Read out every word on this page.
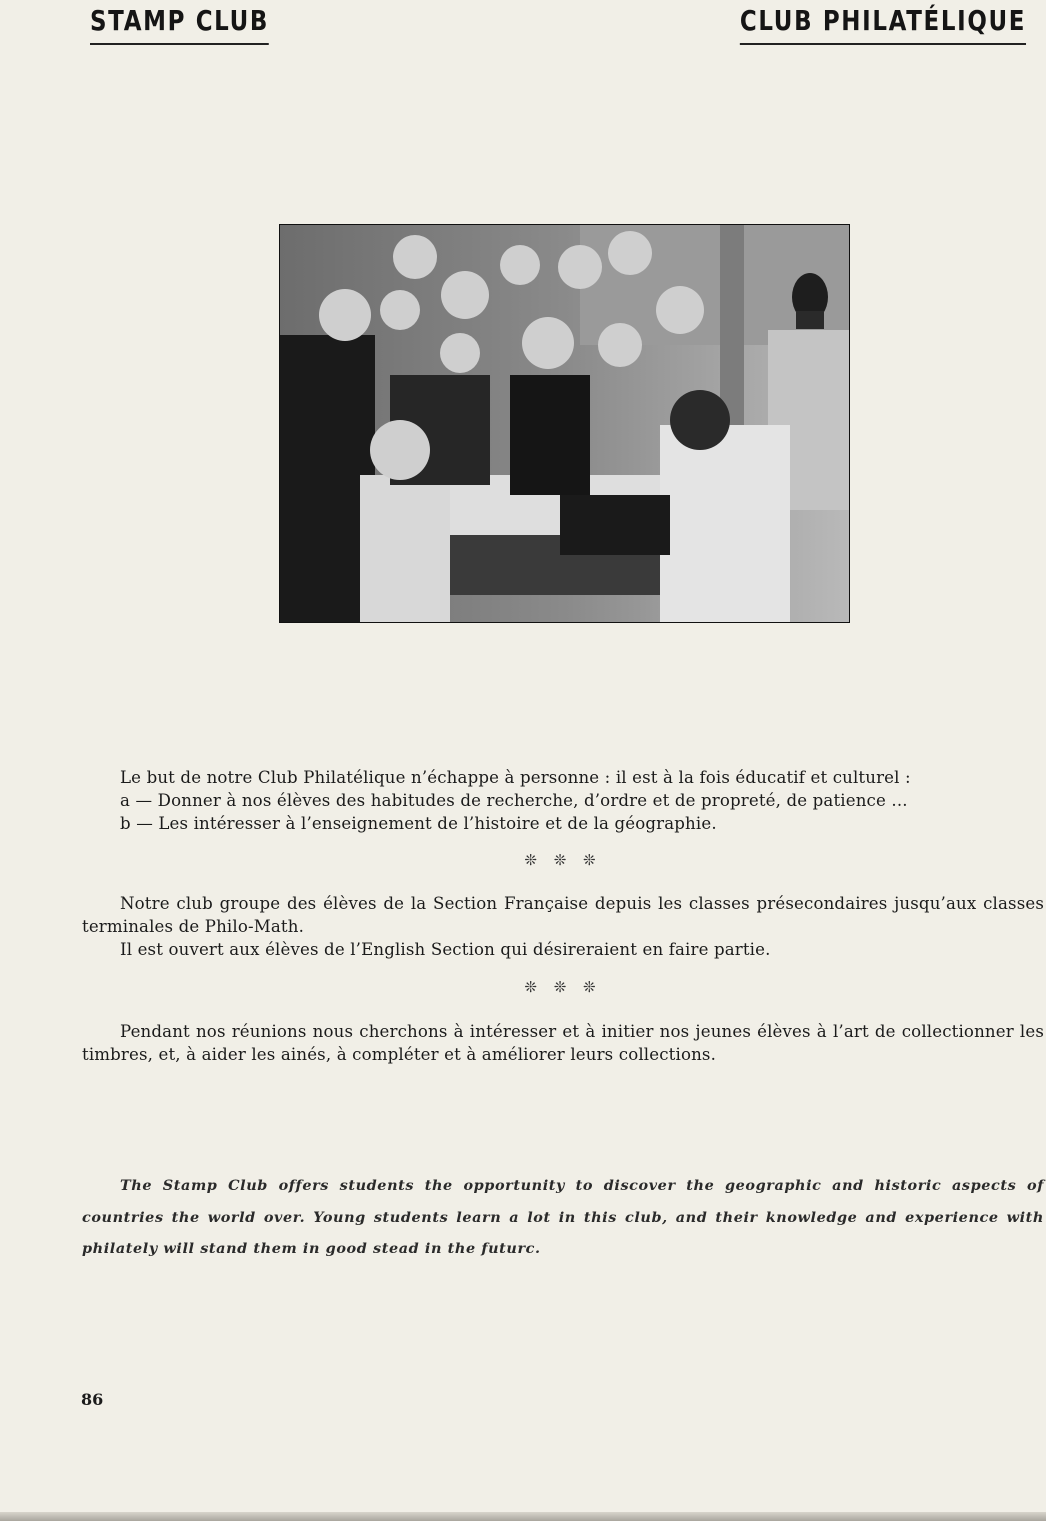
STAMP CLUB	CLUB PHILATÉLIQUE

Le but de notre Club Philatélique n’échappe à personne : il est à la fois éducatif et culturel :

a — Donner à nos élèves des habitudes de recherche, d’ordre et de propreté, de patience ...

b — Les intéresser à l’enseignement de l’histoire et de la géographie.

❊ ❊ ❊

Notre club groupe des élèves de la Section Française depuis les classes présecondaires jusqu’aux classes terminales de Philo-Math.

Il est ouvert aux élèves de l’English Section qui désireraient en faire partie.

❊ ❊ ❊

Pendant nos réunions nous cherchons à intéresser et à initier nos jeunes élèves à l’art de collectionner les timbres, et, à aider les ainés, à compléter et à améliorer leurs collections.

The Stamp Club offers students the opportunity to discover the geographic and historic aspects of countries the world over. Young students learn a lot in this club, and their knowledge and experience with philately will stand them in good stead in the futurc.

86
